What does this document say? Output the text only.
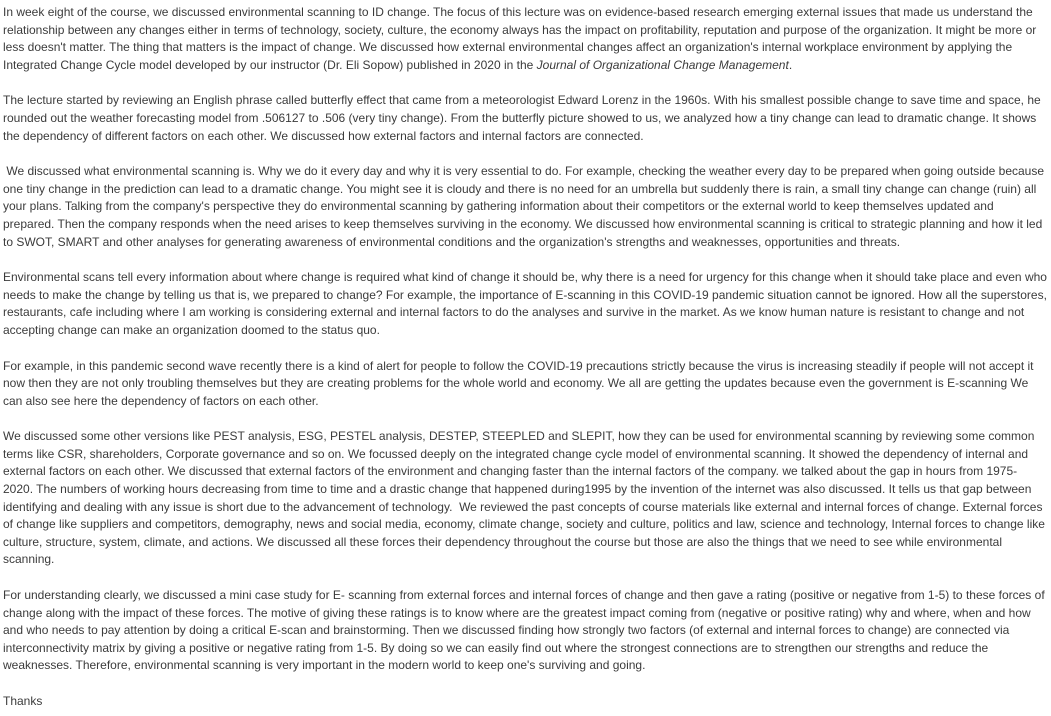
In week eight of the course, we discussed environmental scanning to ID change. The focus of this lecture was on evidence-based research emerging external issues that made us understand the relationship between any changes either in terms of technology, society, culture, the economy always has the impact on profitability, reputation and purpose of the organization. It might be more or less doesn't matter. The thing that matters is the impact of change. We discussed how external environmental changes affect an organization's internal workplace environment by applying the Integrated Change Cycle model developed by our instructor (Dr. Eli Sopow) published in 2020 in the Journal of Organizational Change Management.

The lecture started by reviewing an English phrase called butterfly effect that came from a meteorologist Edward Lorenz in the 1960s. With his smallest possible change to save time and space, he rounded out the weather forecasting model from .506127 to .506 (very tiny change). From the butterfly picture showed to us, we analyzed how a tiny change can lead to dramatic change. It shows the dependency of different factors on each other. We discussed how external factors and internal factors are connected.

We discussed what environmental scanning is. Why we do it every day and why it is very essential to do. For example, checking the weather every day to be prepared when going outside because one tiny change in the prediction can lead to a dramatic change. You might see it is cloudy and there is no need for an umbrella but suddenly there is rain, a small tiny change can change (ruin) all your plans. Talking from the company's perspective they do environmental scanning by gathering information about their competitors or the external world to keep themselves updated and prepared. Then the company responds when the need arises to keep themselves surviving in the economy. We discussed how environmental scanning is critical to strategic planning and how it led to SWOT, SMART and other analyses for generating awareness of environmental conditions and the organization's strengths and weaknesses, opportunities and threats.

Environmental scans tell every information about where change is required what kind of change it should be, why there is a need for urgency for this change when it should take place and even who needs to make the change by telling us that is, we prepared to change? For example, the importance of E-scanning in this COVID-19 pandemic situation cannot be ignored. How all the superstores, restaurants, cafe including where I am working is considering external and internal factors to do the analyses and survive in the market. As we know human nature is resistant to change and not accepting change can make an organization doomed to the status quo.

For example, in this pandemic second wave recently there is a kind of alert for people to follow the COVID-19 precautions strictly because the virus is increasing steadily if people will not accept it now then they are not only troubling themselves but they are creating problems for the whole world and economy. We all are getting the updates because even the government is E-scanning We can also see here the dependency of factors on each other.

We discussed some other versions like PEST analysis, ESG, PESTEL analysis, DESTEP, STEEPLED and SLEPIT, how they can be used for environmental scanning by reviewing some common terms like CSR, shareholders, Corporate governance and so on. We focussed deeply on the integrated change cycle model of environmental scanning. It showed the dependency of internal and external factors on each other. We discussed that external factors of the environment and changing faster than the internal factors of the company. we talked about the gap in hours from 1975-2020. The numbers of working hours decreasing from time to time and a drastic change that happened during1995 by the invention of the internet was also discussed. It tells us that gap between identifying and dealing with any issue is short due to the advancement of technology.  We reviewed the past concepts of course materials like external and internal forces of change. External forces of change like suppliers and competitors, demography, news and social media, economy, climate change, society and culture, politics and law, science and technology, Internal forces to change like culture, structure, system, climate, and actions. We discussed all these forces their dependency throughout the course but those are also the things that we need to see while environmental scanning.

For understanding clearly, we discussed a mini case study for E- scanning from external forces and internal forces of change and then gave a rating (positive or negative from 1-5) to these forces of change along with the impact of these forces. The motive of giving these ratings is to know where are the greatest impact coming from (negative or positive rating) why and where, when and how and who needs to pay attention by doing a critical E-scan and brainstorming. Then we discussed finding how strongly two factors (of external and internal forces to change) are connected via interconnectivity matrix by giving a positive or negative rating from 1-5. By doing so we can easily find out where the strongest connections are to strengthen our strengths and reduce the weaknesses. Therefore, environmental scanning is very important in the modern world to keep one's surviving and going.

Thanks
